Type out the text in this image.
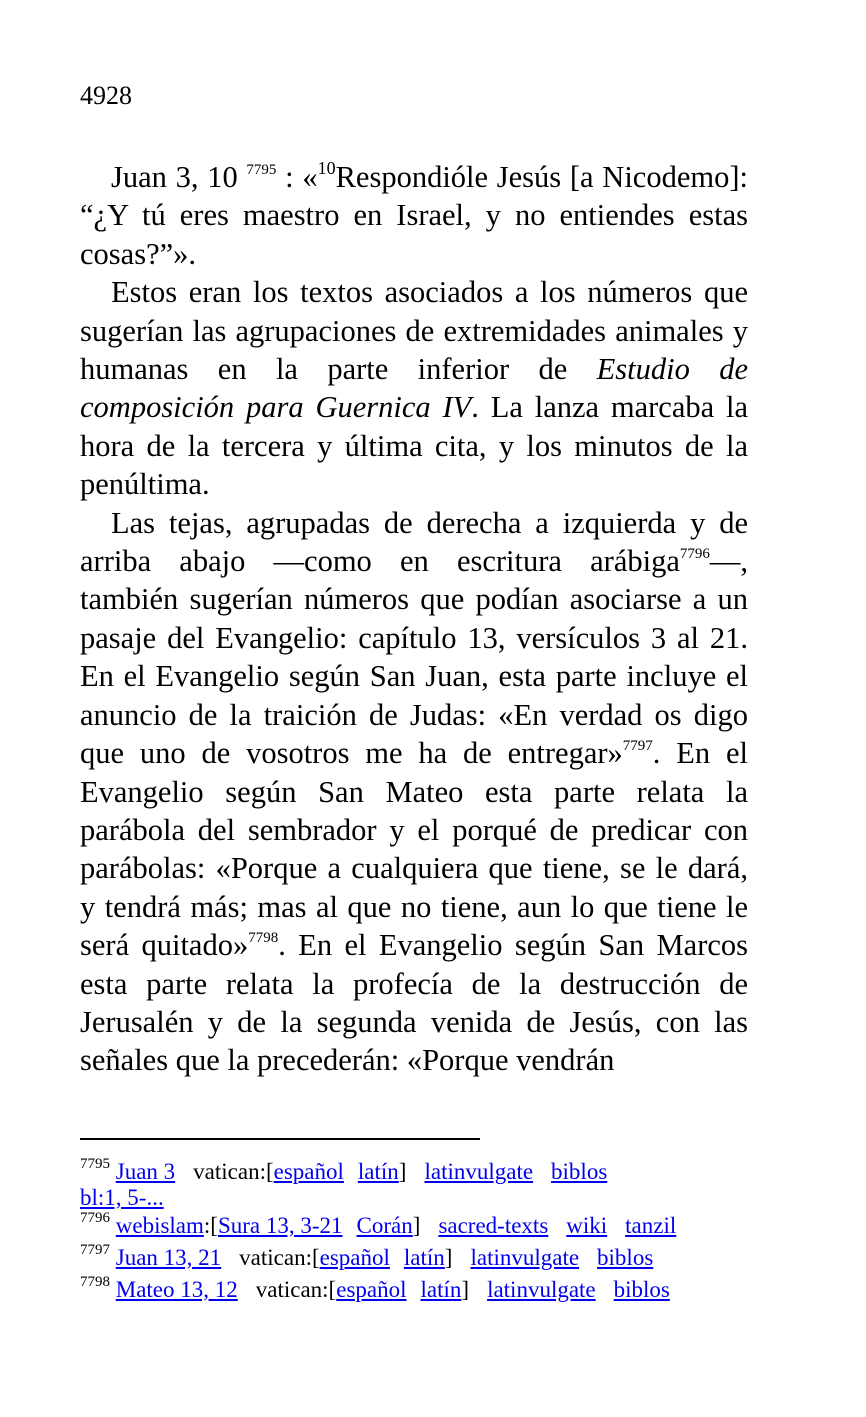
4928

Juan 3, 10 $^{7795}$ : «$^{10}$Respondióle Jesús [a Nicodemo]: “¿Y tú eres maestro en Israel, y no entiendes estas cosas?”».

Estos eran los textos asociados a los números que sugerían las agrupaciones de extremidades animales y humanas en la parte inferior de Estudio de composición para Guernica IV. La lanza marcaba la hora de la tercera y última cita, y los minutos de la penúltima.

Las tejas, agrupadas de derecha a izquierda y de arriba abajo ―como en escritura arábiga$^{7796}$―, también sugerían números que podían asociarse a un pasaje del Evangelio: capítulo 13, versículos 3 al 21. En el Evangelio según San Juan, esta parte incluye el anuncio de la traición de Judas: «En verdad os digo que uno de vosotros me ha de entregar»$^{7797}$. En el Evangelio según San Mateo esta parte relata la parábola del sembrador y el porqué de predicar con parábolas: «Porque a cualquiera que tiene, se le dará, y tendrá más; mas al que no tiene, aun lo que tiene le será quitado»$^{7798}$. En el Evangelio según San Marcos esta parte relata la profecía de la destrucción de Jerusalén y de la segunda venida de Jesús, con las señales que la precederán: «Porque vendrán

$^{7795}$ Juan 3 vatican:[español latín] latinvulgate biblos
bl:1, 5-...
$^{7796}$ webislam:[Sura 13, 3-21 Corán] sacred-texts wiki tanzil
$^{7797}$ Juan 13, 21 vatican:[español latín] latinvulgate biblos
$^{7798}$ Mateo 13, 12 vatican:[español latín] latinvulgate biblos
